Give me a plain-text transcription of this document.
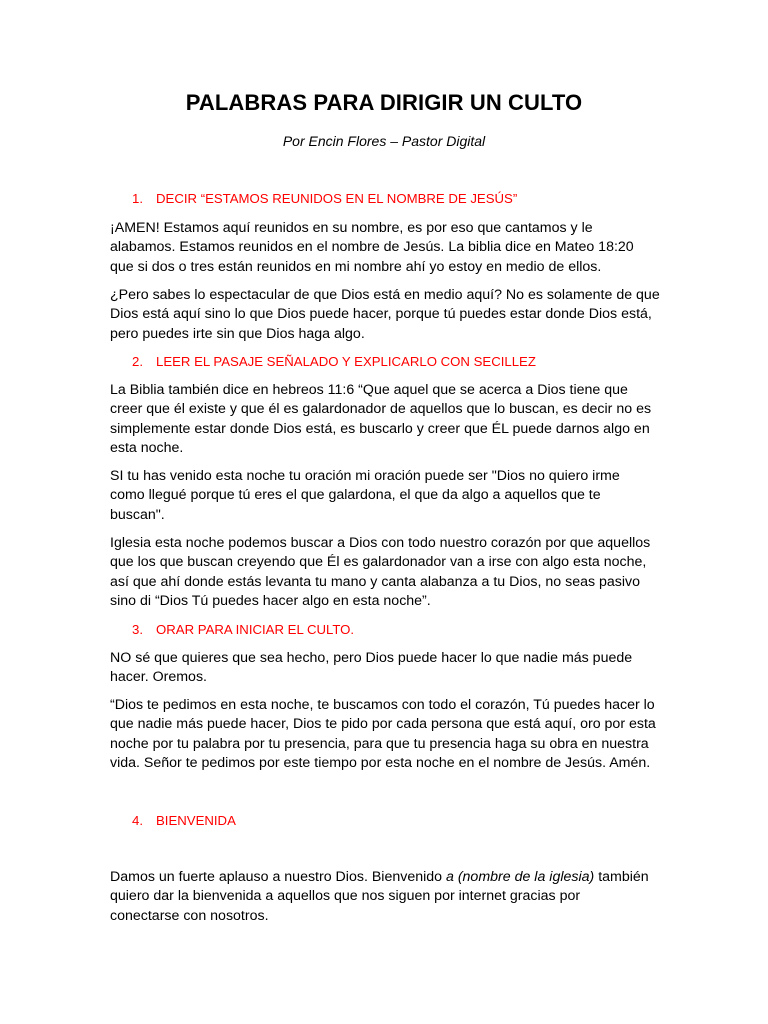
PALABRAS PARA DIRIGIR UN CULTO

Por Encin Flores – Pastor Digital

1. DECIR “ESTAMOS REUNIDOS EN EL NOMBRE DE JESÚS”

¡AMEN! Estamos aquí reunidos en su nombre, es por eso que cantamos y le
alabamos. Estamos reunidos en el nombre de Jesús. La biblia dice en Mateo 18:20
que si dos o tres están reunidos en mi nombre ahí yo estoy en medio de ellos.

¿Pero sabes lo espectacular de que Dios está en medio aquí? No es solamente de que
Dios está aquí sino lo que Dios puede hacer, porque tú puedes estar donde Dios está,
pero puedes irte sin que Dios haga algo.

2. LEER EL PASAJE SEÑALADO Y EXPLICARLO CON SECILLEZ

La Biblia también dice en hebreos 11:6 “Que aquel que se acerca a Dios tiene que
creer que él existe y que él es galardonador de aquellos que lo buscan, es decir no es
simplemente estar donde Dios está, es buscarlo y creer que ÉL puede darnos algo en
esta noche.

SI tu has venido esta noche tu oración mi oración puede ser "Dios no quiero irme
como llegué porque tú eres el que galardona, el que da algo a aquellos que te
buscan".

Iglesia esta noche podemos buscar a Dios con todo nuestro corazón por que aquellos
que los que buscan creyendo que Él es galardonador van a irse con algo esta noche,
así que ahí donde estás levanta tu mano y canta alabanza a tu Dios, no seas pasivo
sino di “Dios Tú puedes hacer algo en esta noche”.

3. ORAR PARA INICIAR EL CULTO.

NO sé que quieres que sea hecho, pero Dios puede hacer lo que nadie más puede
hacer. Oremos.

“Dios te pedimos en esta noche, te buscamos con todo el corazón, Tú puedes hacer lo
que nadie más puede hacer, Dios te pido por cada persona que está aquí, oro por esta
noche por tu palabra por tu presencia, para que tu presencia haga su obra en nuestra
vida. Señor te pedimos por este tiempo por esta noche en el nombre de Jesús. Amén.

4. BIENVENIDA

Damos un fuerte aplauso a nuestro Dios. Bienvenido a (nombre de la iglesia) también
quiero dar la bienvenida a aquellos que nos siguen por internet gracias por
conectarse con nosotros.
